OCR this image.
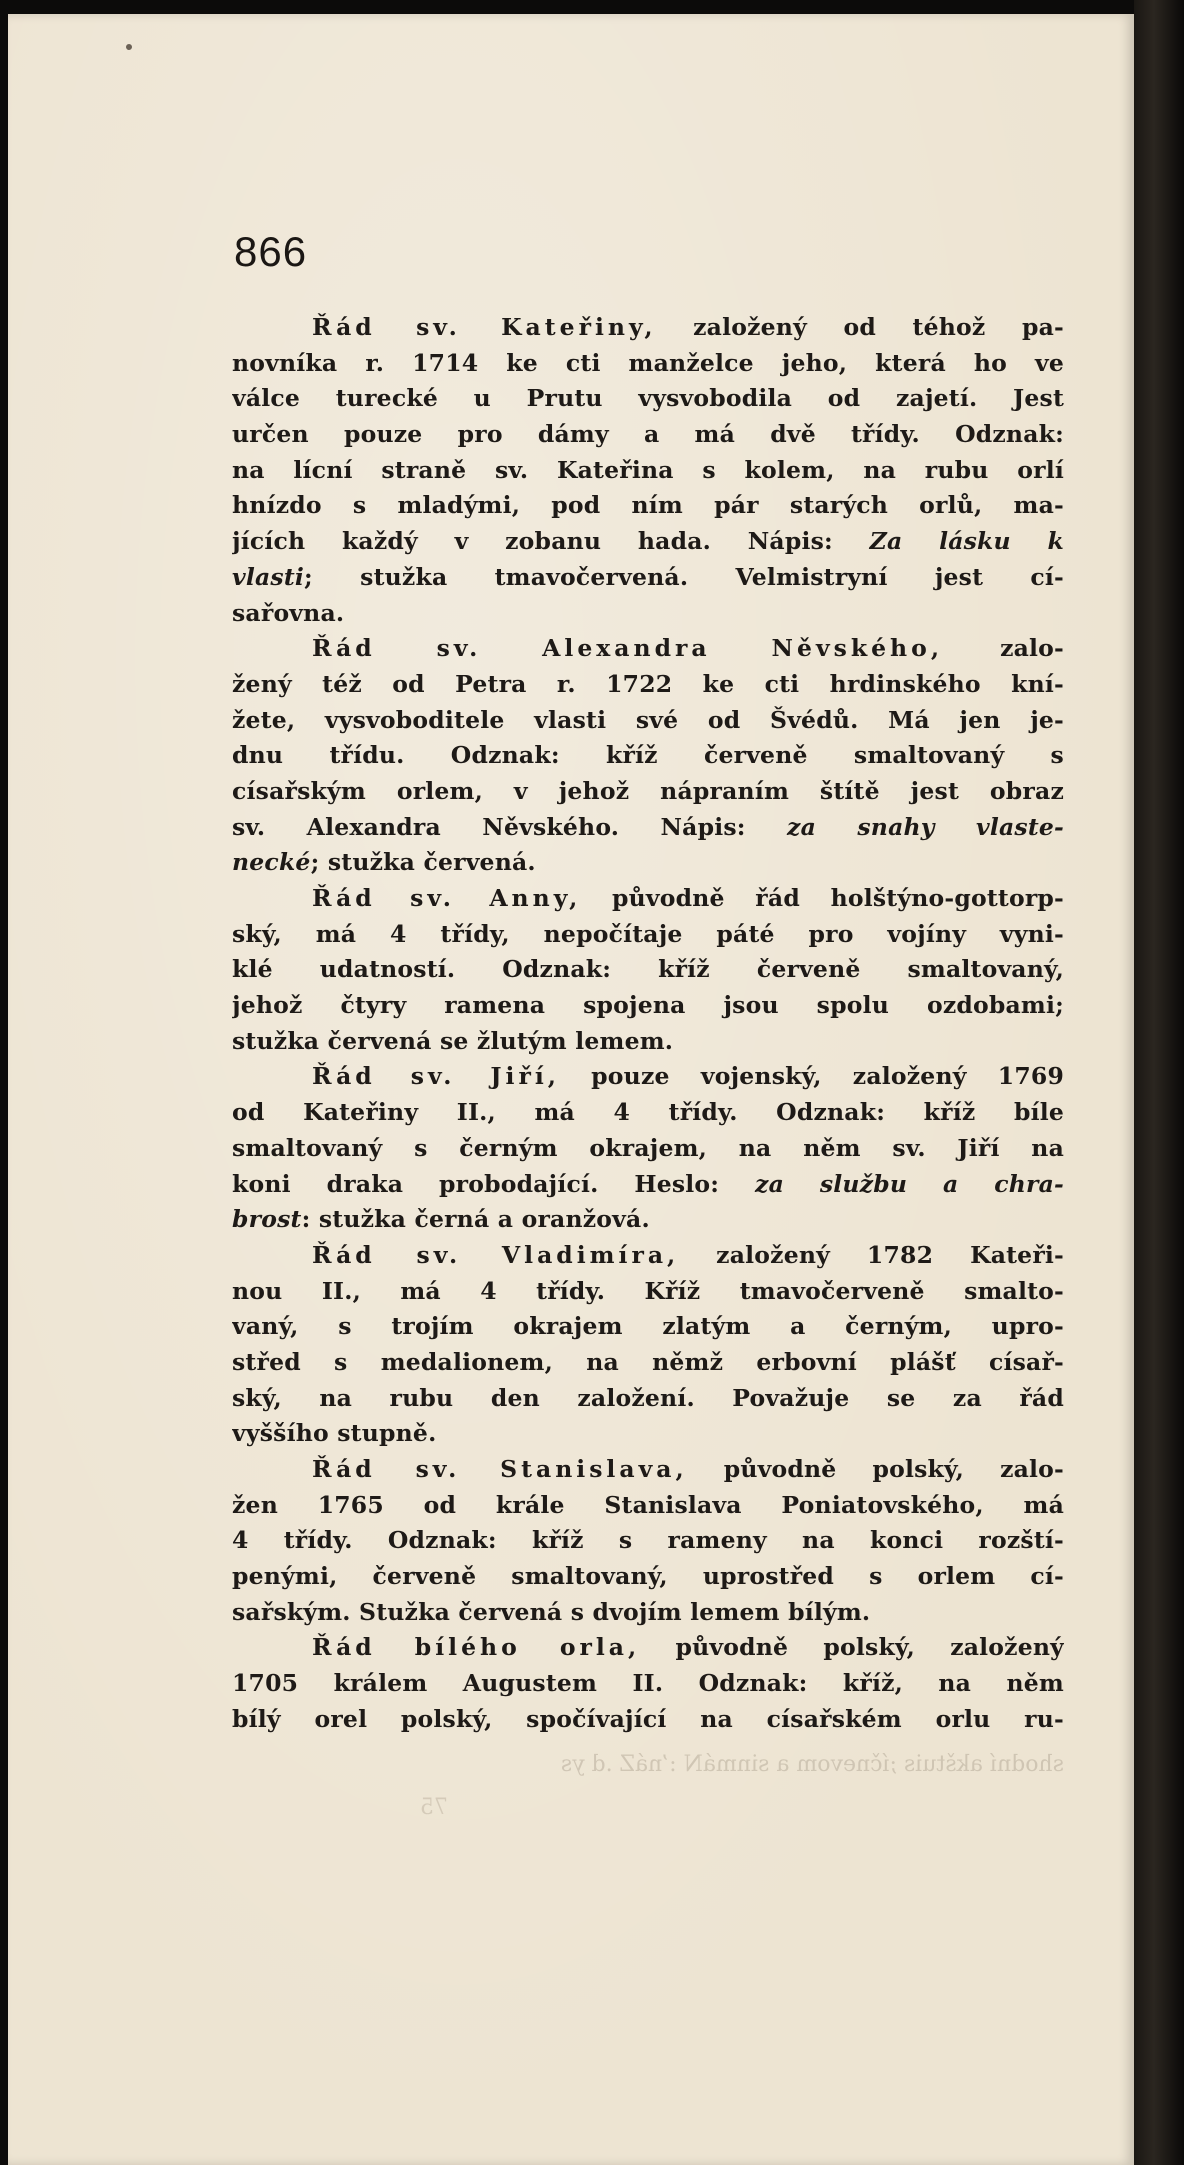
866
Řád sv. Kateřiny, založený od téhož pa-
novníka r. 1714 ke cti manželce jeho, která ho ve
válce turecké u Prutu vysvobodila od zajetí. Jest
určen pouze pro dámy a má dvě třídy. Odznak:
na lícní straně sv. Kateřina s kolem, na rubu orlí
hnízdo s mladými, pod ním pár starých orlů, ma-
jících každý v zobanu hada. Nápis: Za lásku k
vlasti; stužka tmavočervená. Velmistryní jest cí-
sařovna.
Řád sv. Alexandra Něvského, zalo-
žený též od Petra r. 1722 ke cti hrdinského kní-
žete, vysvoboditele vlasti své od Švédů. Má jen je-
dnu třídu. Odznak: kříž červeně smaltovaný s
císařským orlem, v jehož nápraním štítě jest obraz
sv. Alexandra Něvského. Nápis: za snahy vlaste-
necké; stužka červená.
Řád sv. Anny, původně řád holštýno-gottorp-
ský, má 4 třídy, nepočítaje páté pro vojíny vyni-
klé udatností. Odznak: kříž červeně smaltovaný,
jehož čtyry ramena spojena jsou spolu ozdobami;
stužka červená se žlutým lemem.
Řád sv. Jiří, pouze vojenský, založený 1769
od Kateřiny II., má 4 třídy. Odznak: kříž bíle
smaltovaný s černým okrajem, na něm sv. Jiří na
koni draka probodající. Heslo: za službu a chra-
brost: stužka černá a oranžová.
Řád sv. Vladimíra, založený 1782 Kateři-
nou II., má 4 třídy. Kříž tmavočerveně smalto-
vaný, s trojím okrajem zlatým a černým, upro-
střed s medalionem, na němž erbovní plášť císař-
ský, na rubu den založení. Považuje se za řád
vyššího stupně.
Řád sv. Stanislava, původně polský, zalo-
žen 1765 od krále Stanislava Poniatovského, má
4 třídy. Odznak: kříž s rameny na konci rozští-
penými, červeně smaltovaný, uprostřed s orlem cí-
sařským. Stužka červená s dvojím lemem bílým.
Řád bílého orla, původně polský, založený
1705 králem Augustem II. Odznak: kříž, na něm
bílý orel polský, spočívající na císařském orlu ru-
shodní akštuis ;íčnevom a sinmáN :ʼnáZ .d ys
75
